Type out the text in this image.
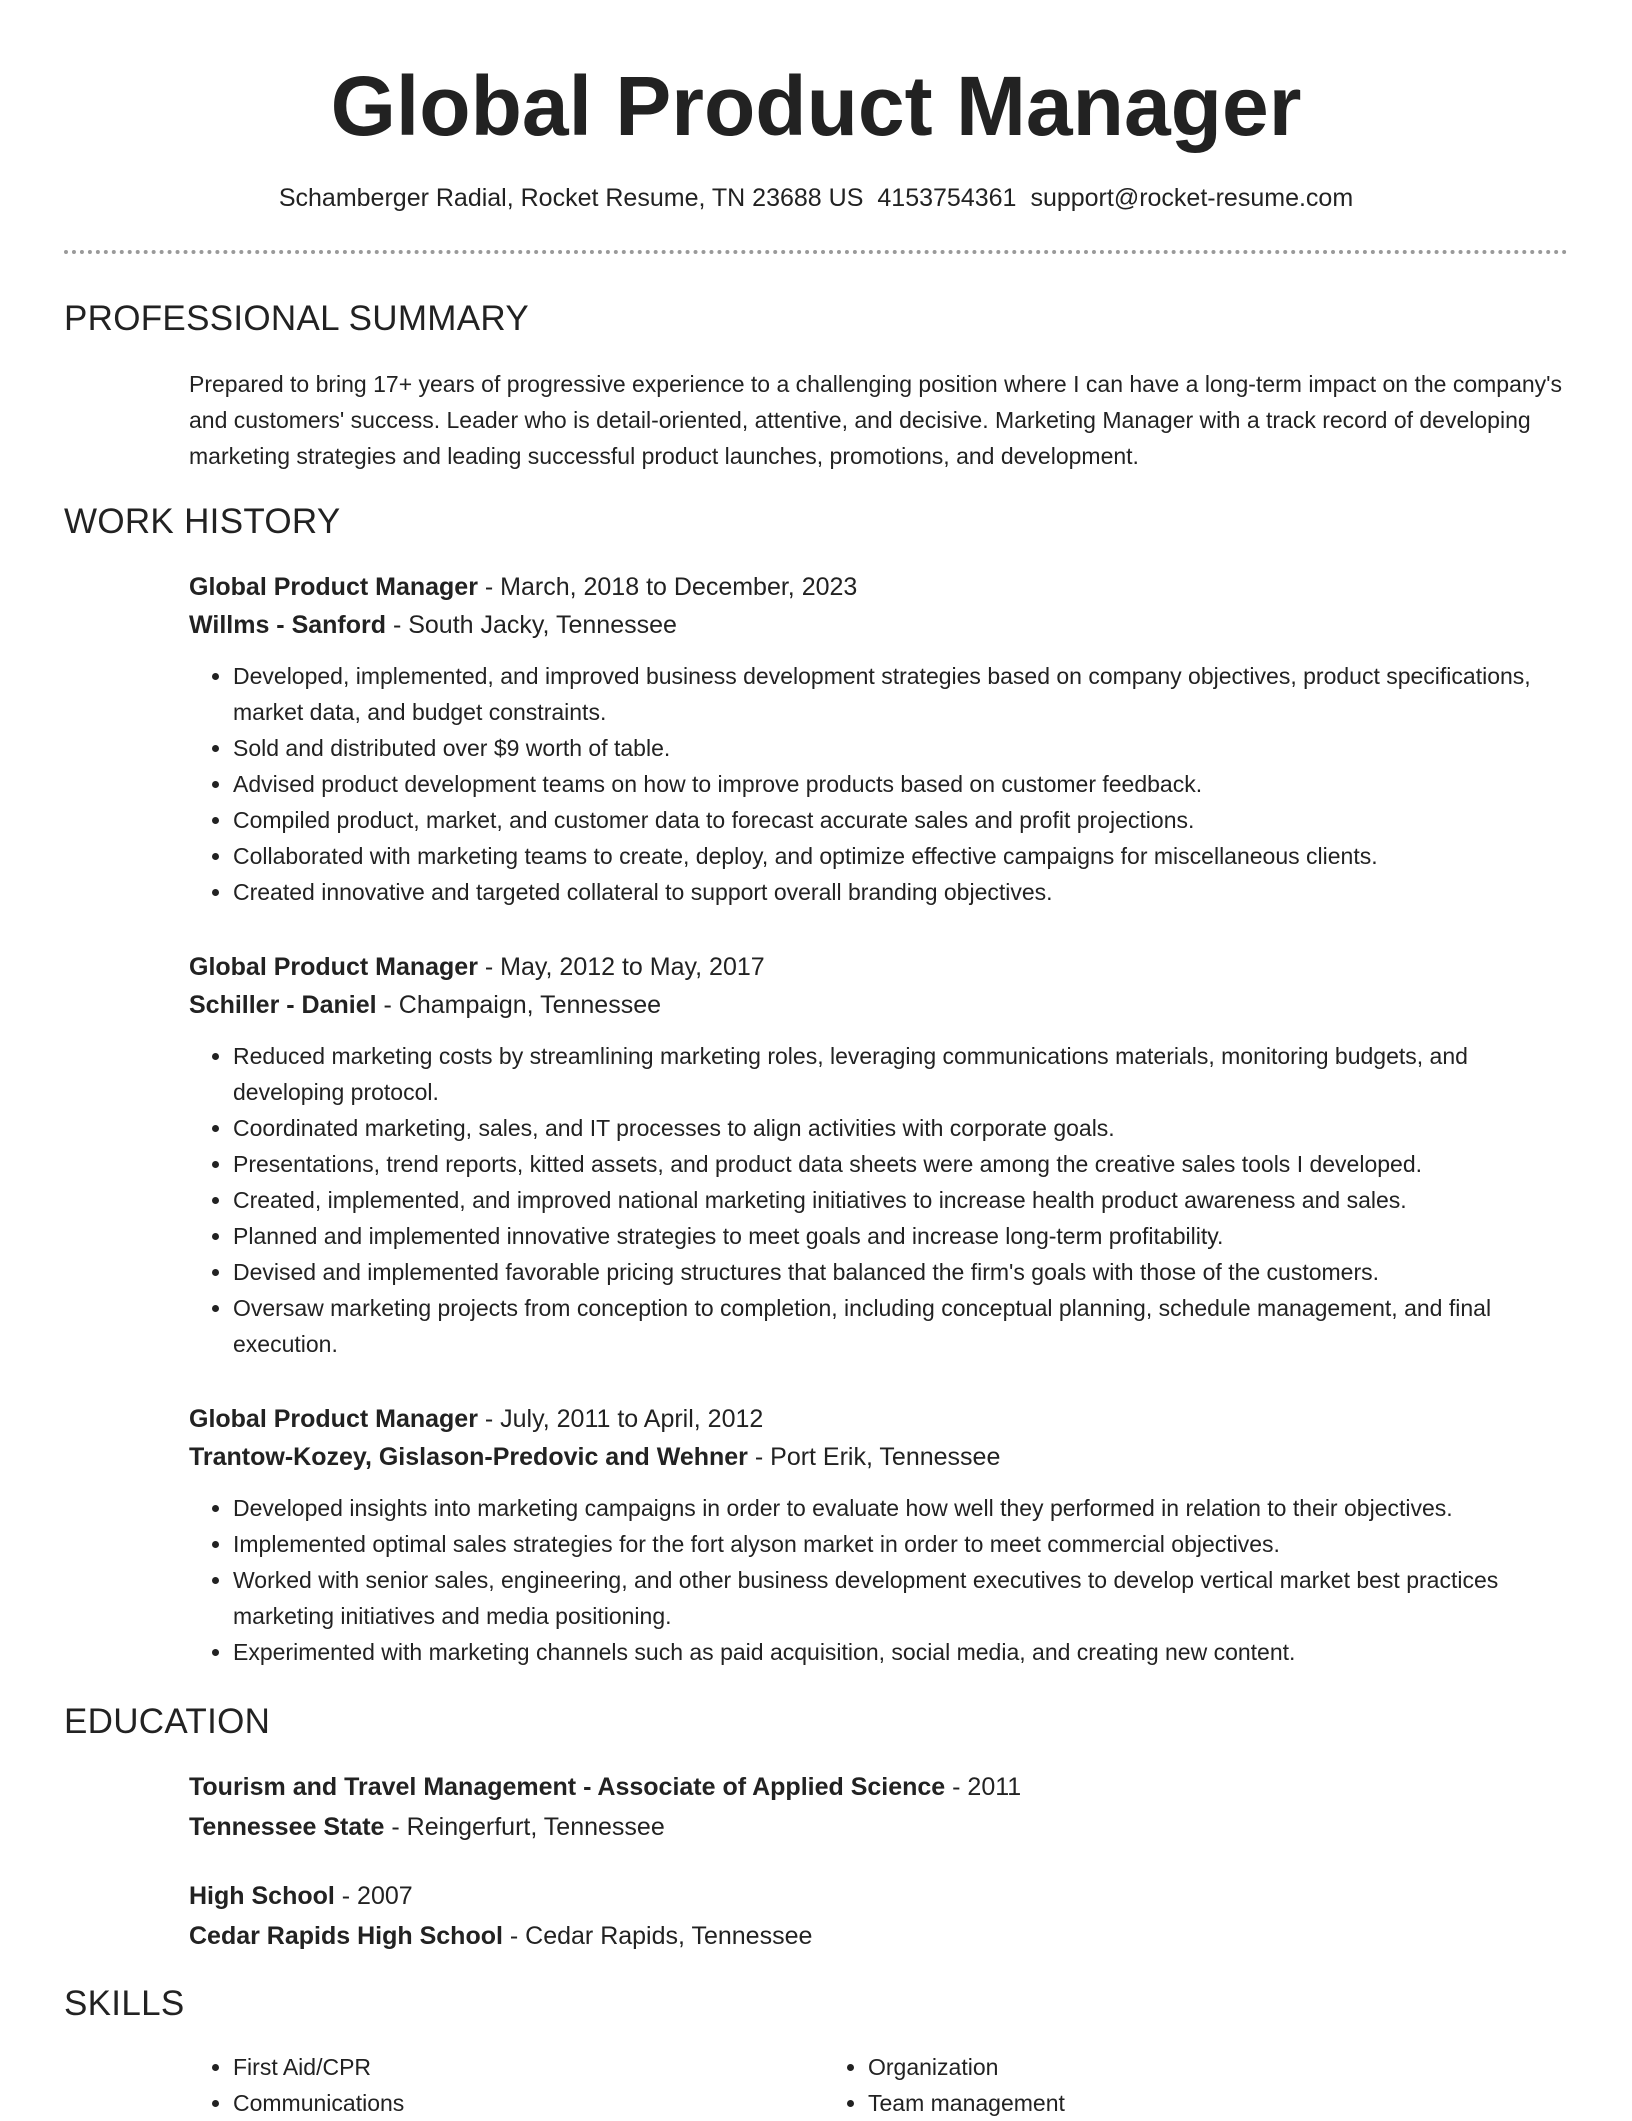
Global Product Manager
Schamberger Radial, Rocket Resume, TN 23688 US 4153754361 support@rocket-resume.com
PROFESSIONAL SUMMARY
Prepared to bring 17+ years of progressive experience to a challenging position where I can have a long-term impact on the company's and customers' success. Leader who is detail-oriented, attentive, and decisive. Marketing Manager with a track record of developing marketing strategies and leading successful product launches, promotions, and development.
WORK HISTORY
Global Product Manager - March, 2018 to December, 2023
Willms - Sanford - South Jacky, Tennessee
• Developed, implemented, and improved business development strategies based on company objectives, product specifications, market data, and budget constraints.
• Sold and distributed over $9 worth of table.
• Advised product development teams on how to improve products based on customer feedback.
• Compiled product, market, and customer data to forecast accurate sales and profit projections.
• Collaborated with marketing teams to create, deploy, and optimize effective campaigns for miscellaneous clients.
• Created innovative and targeted collateral to support overall branding objectives.
Global Product Manager - May, 2012 to May, 2017
Schiller - Daniel - Champaign, Tennessee
• Reduced marketing costs by streamlining marketing roles, leveraging communications materials, monitoring budgets, and developing protocol.
• Coordinated marketing, sales, and IT processes to align activities with corporate goals.
• Presentations, trend reports, kitted assets, and product data sheets were among the creative sales tools I developed.
• Created, implemented, and improved national marketing initiatives to increase health product awareness and sales.
• Planned and implemented innovative strategies to meet goals and increase long-term profitability.
• Devised and implemented favorable pricing structures that balanced the firm's goals with those of the customers.
• Oversaw marketing projects from conception to completion, including conceptual planning, schedule management, and final execution.
Global Product Manager - July, 2011 to April, 2012
Trantow-Kozey, Gislason-Predovic and Wehner - Port Erik, Tennessee
• Developed insights into marketing campaigns in order to evaluate how well they performed in relation to their objectives.
• Implemented optimal sales strategies for the fort alyson market in order to meet commercial objectives.
• Worked with senior sales, engineering, and other business development executives to develop vertical market best practices marketing initiatives and media positioning.
• Experimented with marketing channels such as paid acquisition, social media, and creating new content.
EDUCATION
Tourism and Travel Management - Associate of Applied Science - 2011
Tennessee State - Reingerfurt, Tennessee
High School - 2007
Cedar Rapids High School - Cedar Rapids, Tennessee
SKILLS
• First Aid/CPR
• Communications
• Organization
• Team management
